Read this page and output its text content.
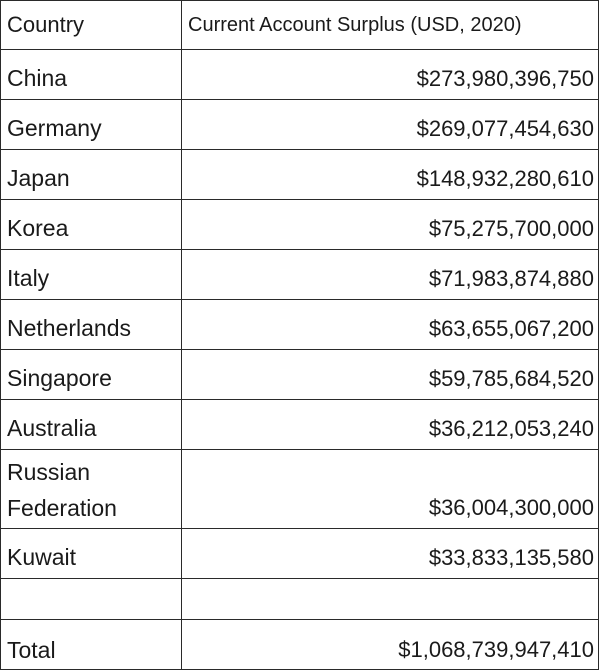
Country	Current Account Surplus (USD, 2020)
China	$273,980,396,750
Germany	$269,077,454,630
Japan	$148,932,280,610
Korea	$75,275,700,000
Italy	$71,983,874,880
Netherlands	$63,655,067,200
Singapore	$59,785,684,520
Australia	$36,212,053,240
Russian Federation	$36,004,300,000
Kuwait	$33,833,135,580

Total	$1,068,739,947,410
